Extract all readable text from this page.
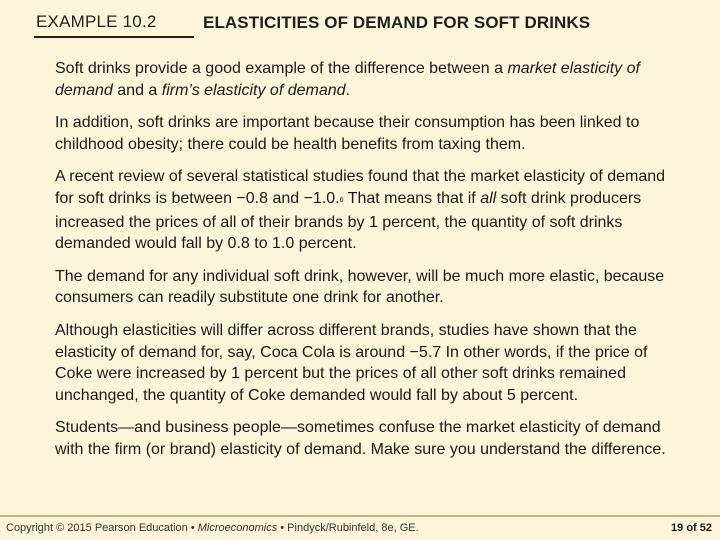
EXAMPLE 10.2	ELASTICITIES OF DEMAND FOR SOFT DRINKS

Soft drinks provide a good example of the difference between a market elasticity of demand and a firm’s elasticity of demand.

In addition, soft drinks are important because their consumption has been linked to childhood obesity; there could be health benefits from taxing them.

A recent review of several statistical studies found that the market elasticity of demand for soft drinks is between −0.8 and −1.0.$^6$ That means that if all soft drink producers increased the prices of all of their brands by 1 percent, the quantity of soft drinks demanded would fall by 0.8 to 1.0 percent.

The demand for any individual soft drink, however, will be much more elastic, because consumers can readily substitute one drink for another.

Although elasticities will differ across different brands, studies have shown that the elasticity of demand for, say, Coca Cola is around −5.7 In other words, if the price of Coke were increased by 1 percent but the prices of all other soft drinks remained unchanged, the quantity of Coke demanded would fall by about 5 percent.

Students—and business people—sometimes confuse the market elasticity of demand with the firm (or brand) elasticity of demand. Make sure you understand the difference.

Copyright © 2015 Pearson Education • Microeconomics • Pindyck/Rubinfeld, 8e, GE.	19 of 52
